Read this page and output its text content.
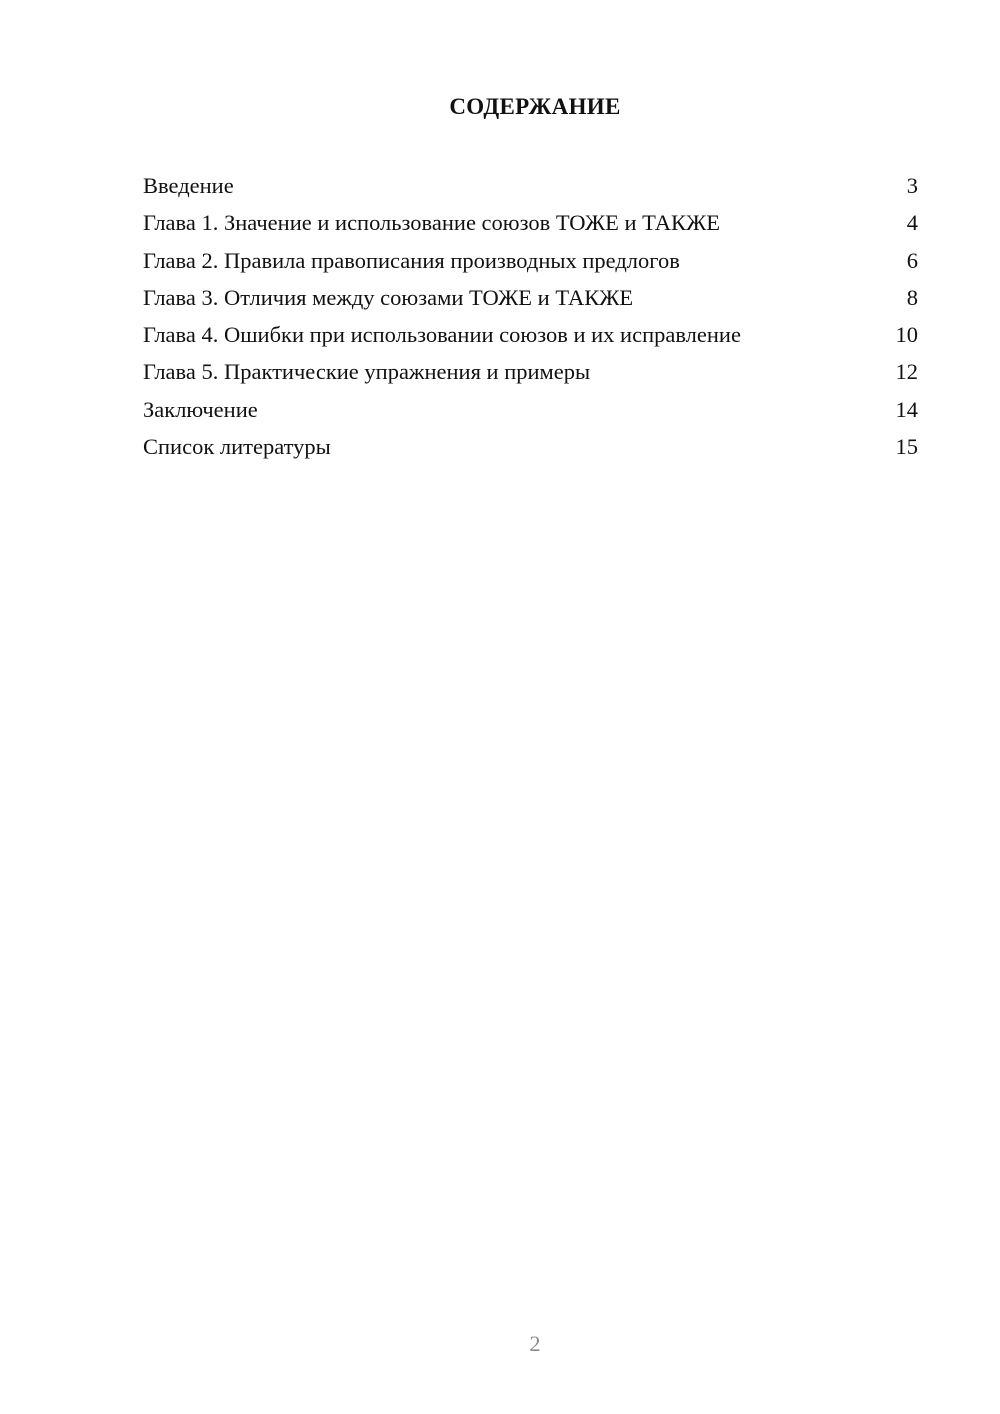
СОДЕРЖАНИЕ
Введение	3
Глава 1. Значение и использование союзов ТОЖЕ и ТАКЖЕ	4
Глава 2. Правила правописания производных предлогов	6
Глава 3. Отличия между союзами ТОЖЕ и ТАКЖЕ	8
Глава 4. Ошибки при использовании союзов и их исправление	10
Глава 5. Практические упражнения и примеры	12
Заключение	14
Список литературы	15
2
